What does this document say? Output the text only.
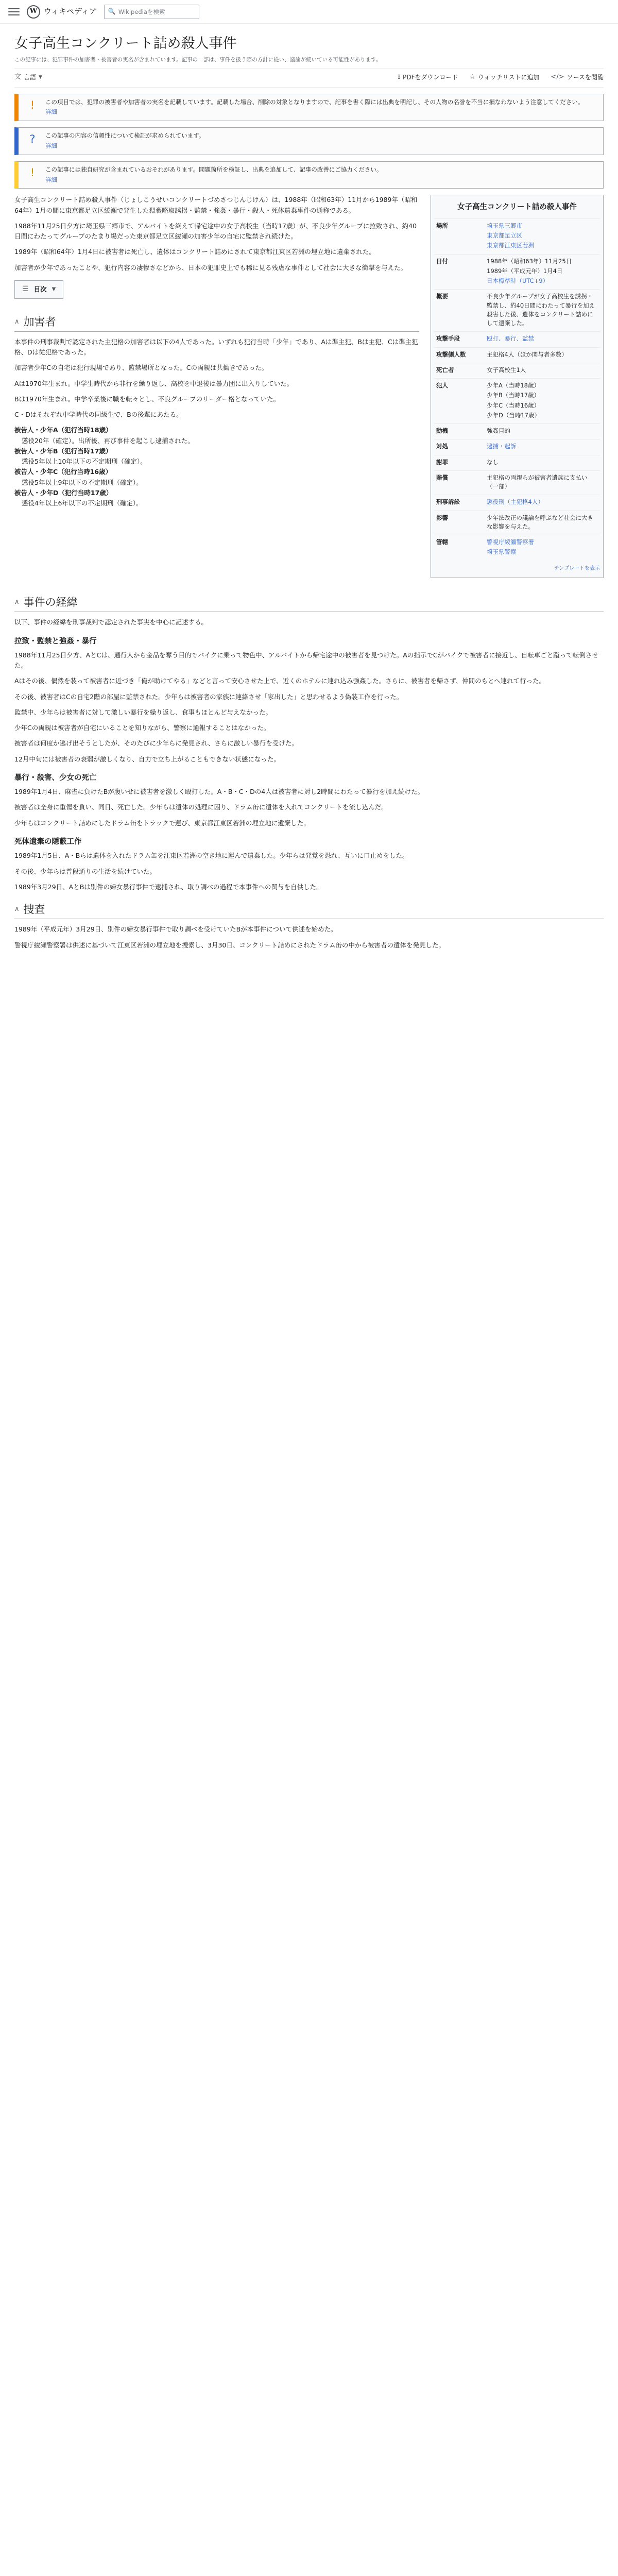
W ウィキペディア 🔍
Wikipediaを検索
女子高生コンクリート詰め殺人事件
この記事には、犯罪事件の加害者・被害者の実名が含まれています。記事の一部は、事件を扱う際の方針に従い、議論が続いている可能性があります。
文 言語 ▼	⭳ PDFをダウンロード ☆ ウォッチリストに追加 </> ソースを閲覧
!	この項目では、犯罪の被害者や加害者の実名を記載しています。記載した場合、削除の対象となりますので、記事を書く際には出典を明記し、その人物の名誉を不当に損なわないよう注意してください。
詳細
?	この記事の内容の信頼性について検証が求められています。
詳細
!	この記事には独自研究が含まれているおそれがあります。問題箇所を検証し、出典を追加して、記事の改善にご協力ください。
詳細
女子高生コンクリート詰め殺人事件
場所	埼玉県三郷市
東京都足立区
東京都江東区若洲
日付	1988年（昭和63年）11月25日
1989年（平成元年）1月4日
日本標準時（UTC+9）
概要	不良少年グループが女子高校生を誘拐・監禁し、約40日間にわたって暴行を加え殺害した後、遺体をコンクリート詰めにして遺棄した。
攻撃手段	殴打、暴行、監禁
攻撃側人数	主犯格4人（ほか関与者多数）
死亡者	女子高校生1人
犯人	少年A（当時18歳）
少年B（当時17歳）
少年C（当時16歳）
少年D（当時17歳）
動機	強姦目的
対処	逮捕・起訴
謝罪	なし
賠償	主犯格の両親らが被害者遺族に支払い（一部）
刑事訴訟	懲役刑（主犯格4人）
影響	少年法改正の議論を呼ぶなど社会に大きな影響を与えた。
管轄	警視庁綾瀬警察署
埼玉県警察
テンプレートを表示

女子高生コンクリート詰め殺人事件（じょしこうせいコンクリートづめさつじんじけん）は、1988年（昭和63年）11月から1989年（昭和64年）1月の間に東京都足立区綾瀬で発生した猥褻略取誘拐・監禁・強姦・暴行・殺人・死体遺棄事件の通称である。

1988年11月25日夕方に埼玉県三郷市で、アルバイトを終えて帰宅途中の女子高校生（当時17歳）が、不良少年グループに拉致され、約40日間にわたってグループのたまり場だった東京都足立区綾瀬の加害少年の自宅に監禁され続けた。

1989年（昭和64年）1月4日に被害者は死亡し、遺体はコンクリート詰めにされて東京都江東区若洲の埋立地に遺棄された。

加害者が少年であったことや、犯行内容の凄惨さなどから、日本の犯罪史上でも稀に見る残虐な事件として社会に大きな衝撃を与えた。

☰ 目次 ▼
∧ 加害者

本事件の刑事裁判で認定された主犯格の加害者は以下の4人であった。いずれも犯行当時「少年」であり、Aは準主犯、Bは主犯、Cは準主犯格、Dは従犯格であった。

加害者少年Cの自宅は犯行現場であり、監禁場所となった。Cの両親は共働きであった。

Aは1970年生まれ。中学生時代から非行を繰り返し、高校を中退後は暴力団に出入りしていた。

Bは1970年生まれ。中学卒業後に職を転々とし、不良グループのリーダー格となっていた。

C・Dはそれぞれ中学時代の同級生で、Bの後輩にあたる。

被告人・少年A（犯行当時18歳）
懲役20年（確定）。出所後、再び事件を起こし逮捕された。
被告人・少年B（犯行当時17歳）
懲役5年以上10年以下の不定期刑（確定）。
被告人・少年C（犯行当時16歳）
懲役5年以上9年以下の不定期刑（確定）。
被告人・少年D（犯行当時17歳）
懲役4年以上6年以下の不定期刑（確定）。
∧ 事件の経緯

以下、事件の経緯を刑事裁判で認定された事実を中心に記述する。

拉致・監禁と強姦・暴行

1988年11月25日夕方、AとCは、通行人から金品を奪う目的でバイクに乗って物色中、アルバイトから帰宅途中の被害者を見つけた。Aの指示でCがバイクで被害者に接近し、自転車ごと蹴って転倒させた。

Aはその後、偶然を装って被害者に近づき「俺が助けてやる」などと言って安心させた上で、近くのホテルに連れ込み強姦した。さらに、被害者を帰さず、仲間のもとへ連れて行った。

その後、被害者はCの自宅2階の部屋に監禁された。少年らは被害者の家族に連絡させ「家出した」と思わせるよう偽装工作を行った。

監禁中、少年らは被害者に対して激しい暴行を繰り返し、食事もほとんど与えなかった。

少年Cの両親は被害者が自宅にいることを知りながら、警察に通報することはなかった。

被害者は何度か逃げ出そうとしたが、そのたびに少年らに発見され、さらに激しい暴行を受けた。

12月中旬には被害者の衰弱が激しくなり、自力で立ち上がることもできない状態になった。

暴行・殺害、少女の死亡

1989年1月4日、麻雀に負けたBが腹いせに被害者を激しく殴打した。A・B・C・Dの4人は被害者に対し2時間にわたって暴行を加え続けた。

被害者は全身に重傷を負い、同日、死亡した。少年らは遺体の処理に困り、ドラム缶に遺体を入れてコンクリートを流し込んだ。

少年らはコンクリート詰めにしたドラム缶をトラックで運び、東京都江東区若洲の埋立地に遺棄した。

死体遺棄の隠蔽工作

1989年1月5日、A・Bらは遺体を入れたドラム缶を江東区若洲の空き地に運んで遺棄した。少年らは発覚を恐れ、互いに口止めをした。

その後、少年らは普段通りの生活を続けていた。

1989年3月29日、AとBは別件の婦女暴行事件で逮捕され、取り調べの過程で本事件への関与を自供した。

∧ 捜査

1989年（平成元年）3月29日、別件の婦女暴行事件で取り調べを受けていたBが本事件について供述を始めた。

警視庁綾瀬警察署は供述に基づいて江東区若洲の埋立地を捜索し、3月30日、コンクリート詰めにされたドラム缶の中から被害者の遺体を発見した。
